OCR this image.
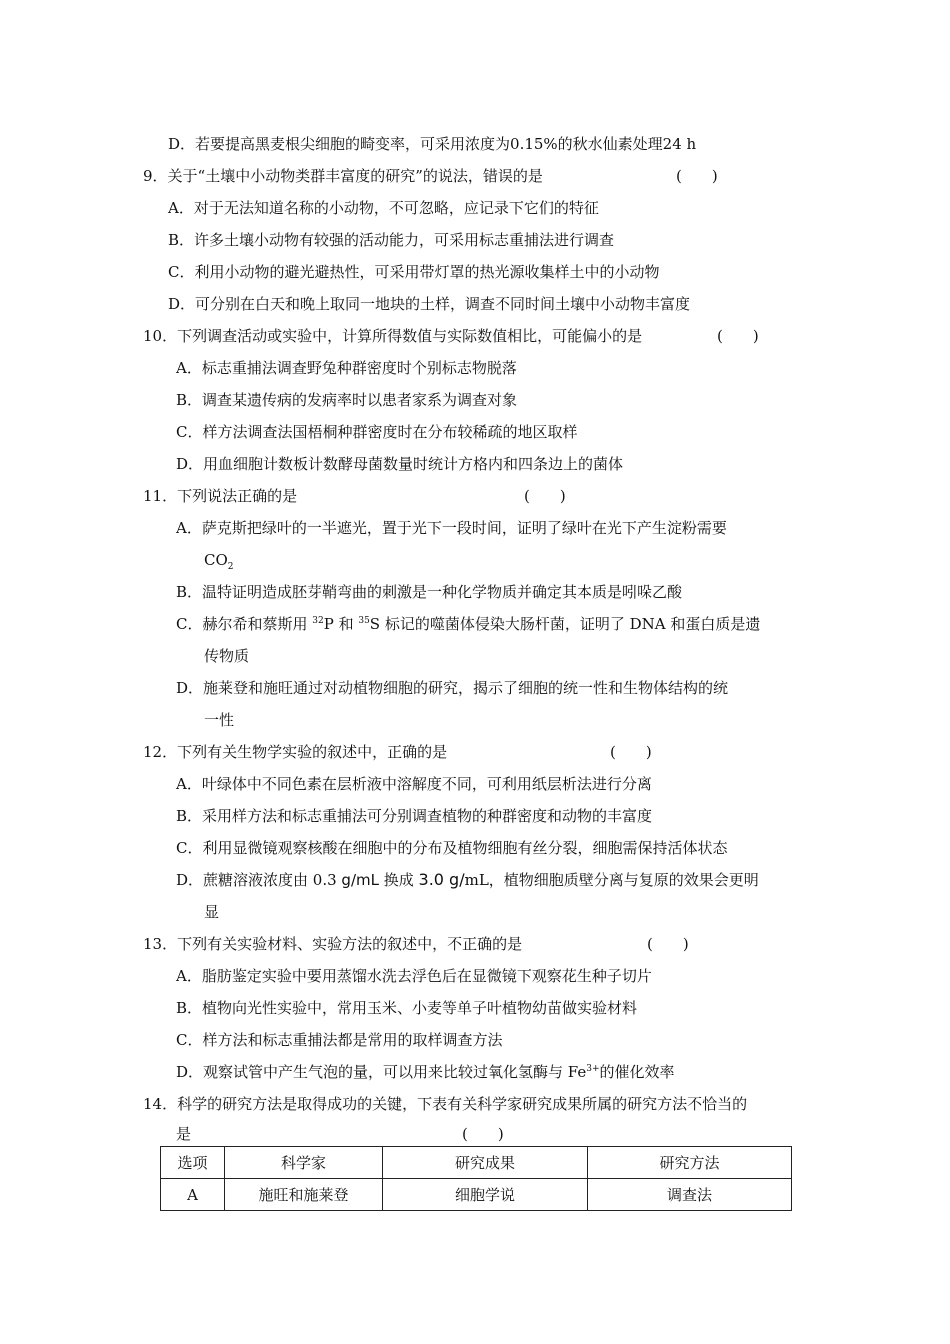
D．若要提高黑麦根尖细胞的畸变率，可采用浓度为0.15%的秋水仙素处理24 h
9．关于“土壤中小动物类群丰富度的研究”的说法，错误的是	(　　)
A．对于无法知道名称的小动物，不可忽略，应记录下它们的特征
B．许多土壤小动物有较强的活动能力，可采用标志重捕法进行调查
C．利用小动物的避光避热性，可采用带灯罩的热光源收集样土中的小动物
D．可分别在白天和晚上取同一地块的土样，调查不同时间土壤中小动物丰富度
10．下列调查活动或实验中，计算所得数值与实际数值相比，可能偏小的是	(　　)
A．标志重捕法调查野兔种群密度时个别标志物脱落
B．调查某遗传病的发病率时以患者家系为调查对象
C．样方法调查法国梧桐种群密度时在分布较稀疏的地区取样
D．用血细胞计数板计数酵母菌数量时统计方格内和四条边上的菌体
11．下列说法正确的是	(　　)
A．萨克斯把绿叶的一半遮光，置于光下一段时间，证明了绿叶在光下产生淀粉需要
$CO_2$
B．温特证明造成胚芽鞘弯曲的刺激是一种化学物质并确定其本质是吲哚乙酸
C．赫尔希和蔡斯用 $^{32}$P 和 $^{35}$S 标记的噬菌体侵染大肠杆菌，证明了 DNA 和蛋白质是遗
传物质
D．施莱登和施旺通过对动植物细胞的研究，揭示了细胞的统一性和生物体结构的统
一性
12．下列有关生物学实验的叙述中，正确的是	(　　)
A．叶绿体中不同色素在层析液中溶解度不同，可利用纸层析法进行分离
B．采用样方法和标志重捕法可分别调查植物的种群密度和动物的丰富度
C．利用显微镜观察核酸在细胞中的分布及植物细胞有丝分裂，细胞需保持活体状态
D．蔗糖溶液浓度由 0.3 g/mL 换成 3.0 g/mL，植物细胞质壁分离与复原的效果会更明
显
13．下列有关实验材料、实验方法的叙述中，不正确的是	(　　)
A．脂肪鉴定实验中要用蒸馏水洗去浮色后在显微镜下观察花生种子切片
B．植物向光性实验中，常用玉米、小麦等单子叶植物幼苗做实验材料
C．样方法和标志重捕法都是常用的取样调查方法
D．观察试管中产生气泡的量，可以用来比较过氧化氢酶与 $Fe^{3+}$的催化效率
14．科学的研究方法是取得成功的关键，下表有关科学家研究成果所属的研究方法不恰当的
是	(　　)
选项	科学家	研究成果	研究方法
A	施旺和施莱登	细胞学说	调查法
